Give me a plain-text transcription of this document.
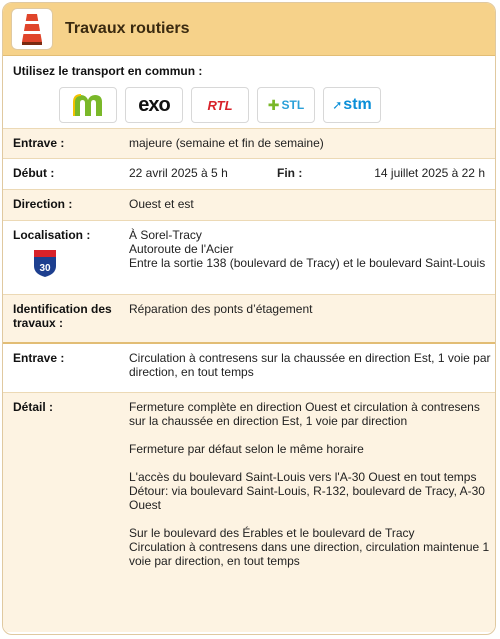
Travaux routiers
Utilisez le transport en commun :
exo	RTL	✚ STL ➚ stm
Entrave :	majeure (semaine et fin de semaine)
Début :	22 avril 2025 à 5 h	Fin :	14 juillet 2025 à 22 h
Direction :	Ouest et est
Localisation :
30
À Sorel-Tracy
Autoroute de l'Acier
Entre la sortie 138 (boulevard de Tracy) et le boulevard Saint-Louis
Identification des travaux :
Réparation des ponts d’étagement
Entrave :	Circulation à contresens sur la chaussée en direction Est, 1 voie par direction, en tout temps
Détail :	Fermeture complète en direction Ouest et circulation à contresens sur la chaussée en direction Est, 1 voie par direction
Fermeture par défaut selon le même horaire
L'accès du boulevard Saint-Louis vers l'A-30 Ouest en tout temps
Détour: via boulevard Saint-Louis, R-132, boulevard de Tracy, A-30 Ouest
Sur le boulevard des Érables et le boulevard de Tracy
Circulation à contresens dans une direction, circulation maintenue 1 voie par direction, en tout temps
